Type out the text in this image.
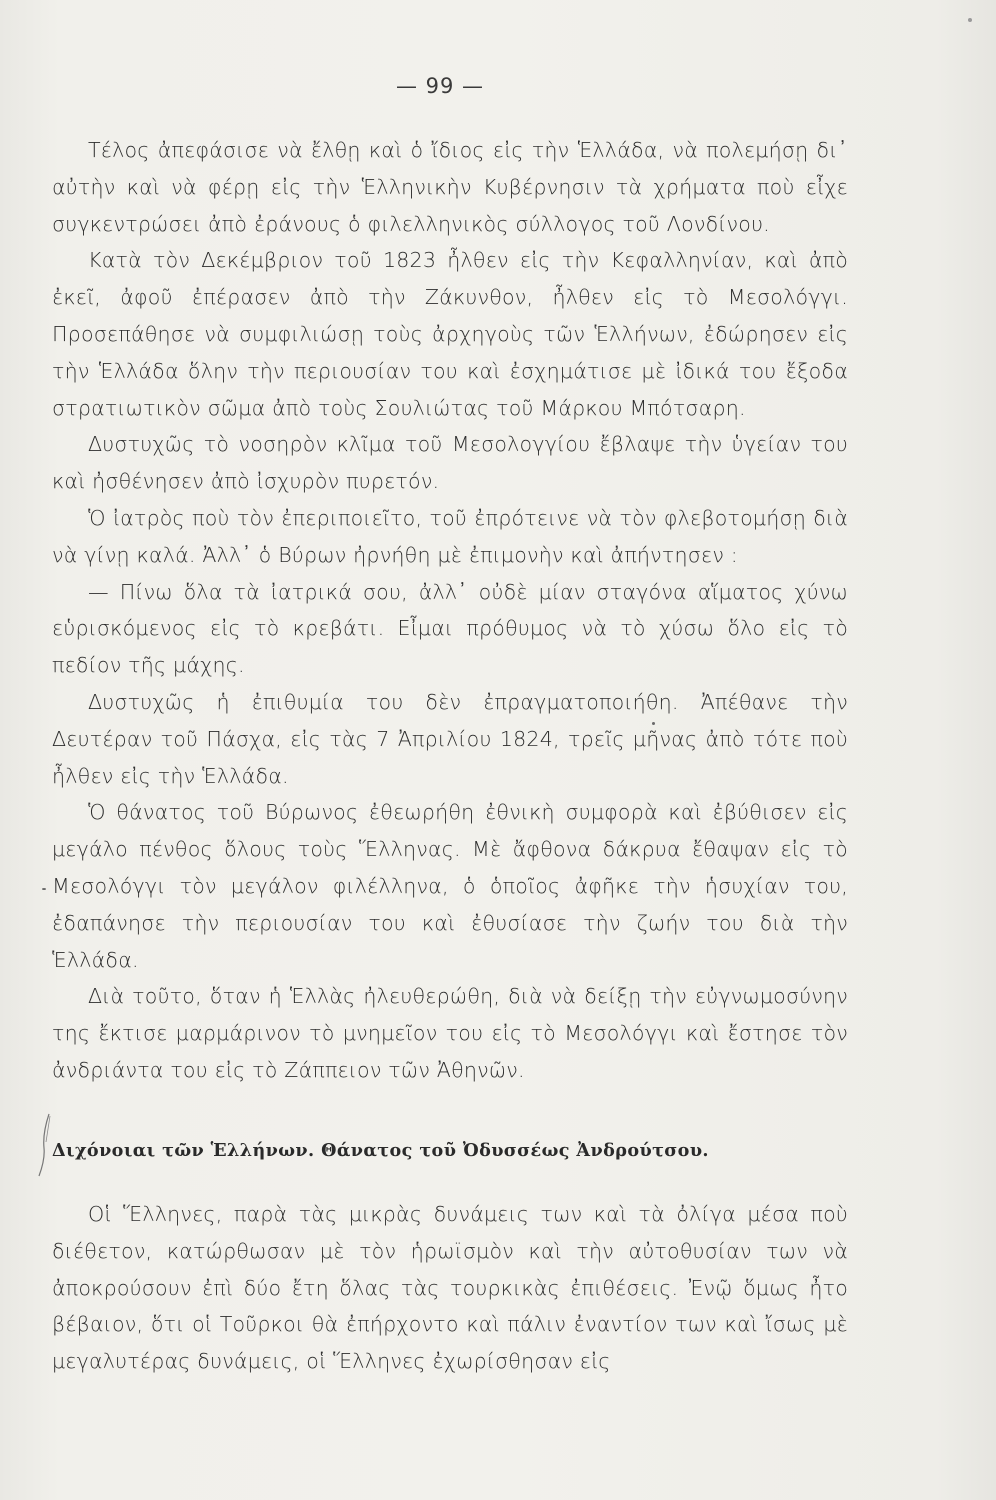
— 99 —

Τέλος ἀπεφάσισε νὰ ἔλθῃ καὶ ὁ ἴδιος εἰς τὴν Ἑλλάδα, νὰ πολεμήσῃ δι᾽ αὐτὴν καὶ νὰ φέρῃ εἰς τὴν Ἑλληνικὴν Κυβέρνησιν τὰ χρήματα ποὺ εἶχε συγκεντρώσει ἀπὸ ἐράνους ὁ φιλελληνικὸς σύλλογος τοῦ Λονδίνου.

Κατὰ τὸν Δεκέμβριον τοῦ 1823 ἦλθεν εἰς τὴν Κεφαλληνίαν, καὶ ἀπὸ ἐκεῖ, ἀφοῦ ἐπέρασεν ἀπὸ τὴν Ζάκυνθον, ἦλθεν εἰς τὸ Μεσολόγγι. Προσεπάθησε νὰ συμφιλιώσῃ τοὺς ἀρχηγοὺς τῶν Ἑλλήνων, ἐδώρησεν εἰς τὴν Ἑλλάδα ὅλην τὴν περιουσίαν του καὶ ἐσχημάτισε μὲ ἰδικά του ἔξοδα στρατιωτικὸν σῶμα ἀπὸ τοὺς Σουλιώτας τοῦ Μάρκου Μπότσαρη.

Δυστυχῶς τὸ νοσηρὸν κλῖμα τοῦ Μεσολογγίου ἔβλαψε τὴν ὑγείαν του καὶ ἠσθένησεν ἀπὸ ἰσχυρὸν πυρετόν.

Ὁ ἰατρὸς ποὺ τὸν ἐπεριποιεῖτο, τοῦ ἐπρότεινε νὰ τὸν φλεβοτομήσῃ διὰ νὰ γίνῃ καλά. Ἀλλ᾽ ὁ Βύρων ἠρνήθη μὲ ἐπιμονὴν καὶ ἀπήντησεν :

— Πίνω ὅλα τὰ ἰατρικά σου, ἀλλ᾽ οὐδὲ μίαν σταγόνα αἵματος χύνω εὑρισκόμενος εἰς τὸ κρεβάτι. Εἶμαι πρόθυμος νὰ τὸ χύσω ὅλο εἰς τὸ πεδίον τῆς μάχης.

Δυστυχῶς ἡ ἐπιθυμία του δὲν ἐπραγματοποιήθη. Ἀπέθανε τὴν Δευτέραν τοῦ Πάσχα, εἰς τὰς 7 Ἀπριλίου 1824, τρεῖς μῆνας ἀπὸ τότε ποὺ ἦλθεν εἰς τὴν Ἑλλάδα.

Ὁ θάνατος τοῦ Βύρωνος ἐθεωρήθη ἐθνικὴ συμφορὰ καὶ ἐβύθισεν εἰς μεγάλο πένθος ὅλους τοὺς Ἕλληνας. Μὲ ἄφθονα δάκρυα ἔθαψαν εἰς τὸ Μεσολόγγι τὸν μεγάλον φιλέλληνα, ὁ ὁποῖος ἀφῆκε τὴν ἡσυχίαν του, ἐδαπάνησε τὴν περιουσίαν του καὶ ἐθυσίασε τὴν ζωήν του διὰ τὴν Ἑλλάδα.

Διὰ τοῦτο, ὅταν ἡ Ἑλλὰς ἠλευθερώθη, διὰ νὰ δείξῃ τὴν εὐγνωμοσύνην της ἔκτισε μαρμάρινον τὸ μνημεῖον του εἰς τὸ Μεσολόγγι καὶ ἔστησε τὸν ἀνδριάντα του εἰς τὸ Ζάππειον τῶν Ἀθηνῶν.

Διχόνοιαι τῶν Ἑλλήνων. Θάνατος τοῦ Ὀδυσσέως Ἀνδρούτσου.

Οἱ Ἕλληνες, παρὰ τὰς μικρὰς δυνάμεις των καὶ τὰ ὀλίγα μέσα ποὺ διέθετον, κατώρθωσαν μὲ τὸν ἡρωϊσμὸν καὶ τὴν αὐτοθυσίαν των νὰ ἀποκρούσουν ἐπὶ δύο ἔτη ὅλας τὰς τουρκικὰς ἐπιθέσεις. Ἐνῷ ὅμως ἦτο βέβαιον, ὅτι οἱ Τοῦρκοι θὰ ἐπήρχοντο καὶ πάλιν ἐναντίον των καὶ ἴσως μὲ μεγαλυτέρας δυνάμεις, οἱ Ἕλληνες ἐχωρίσθησαν εἰς
